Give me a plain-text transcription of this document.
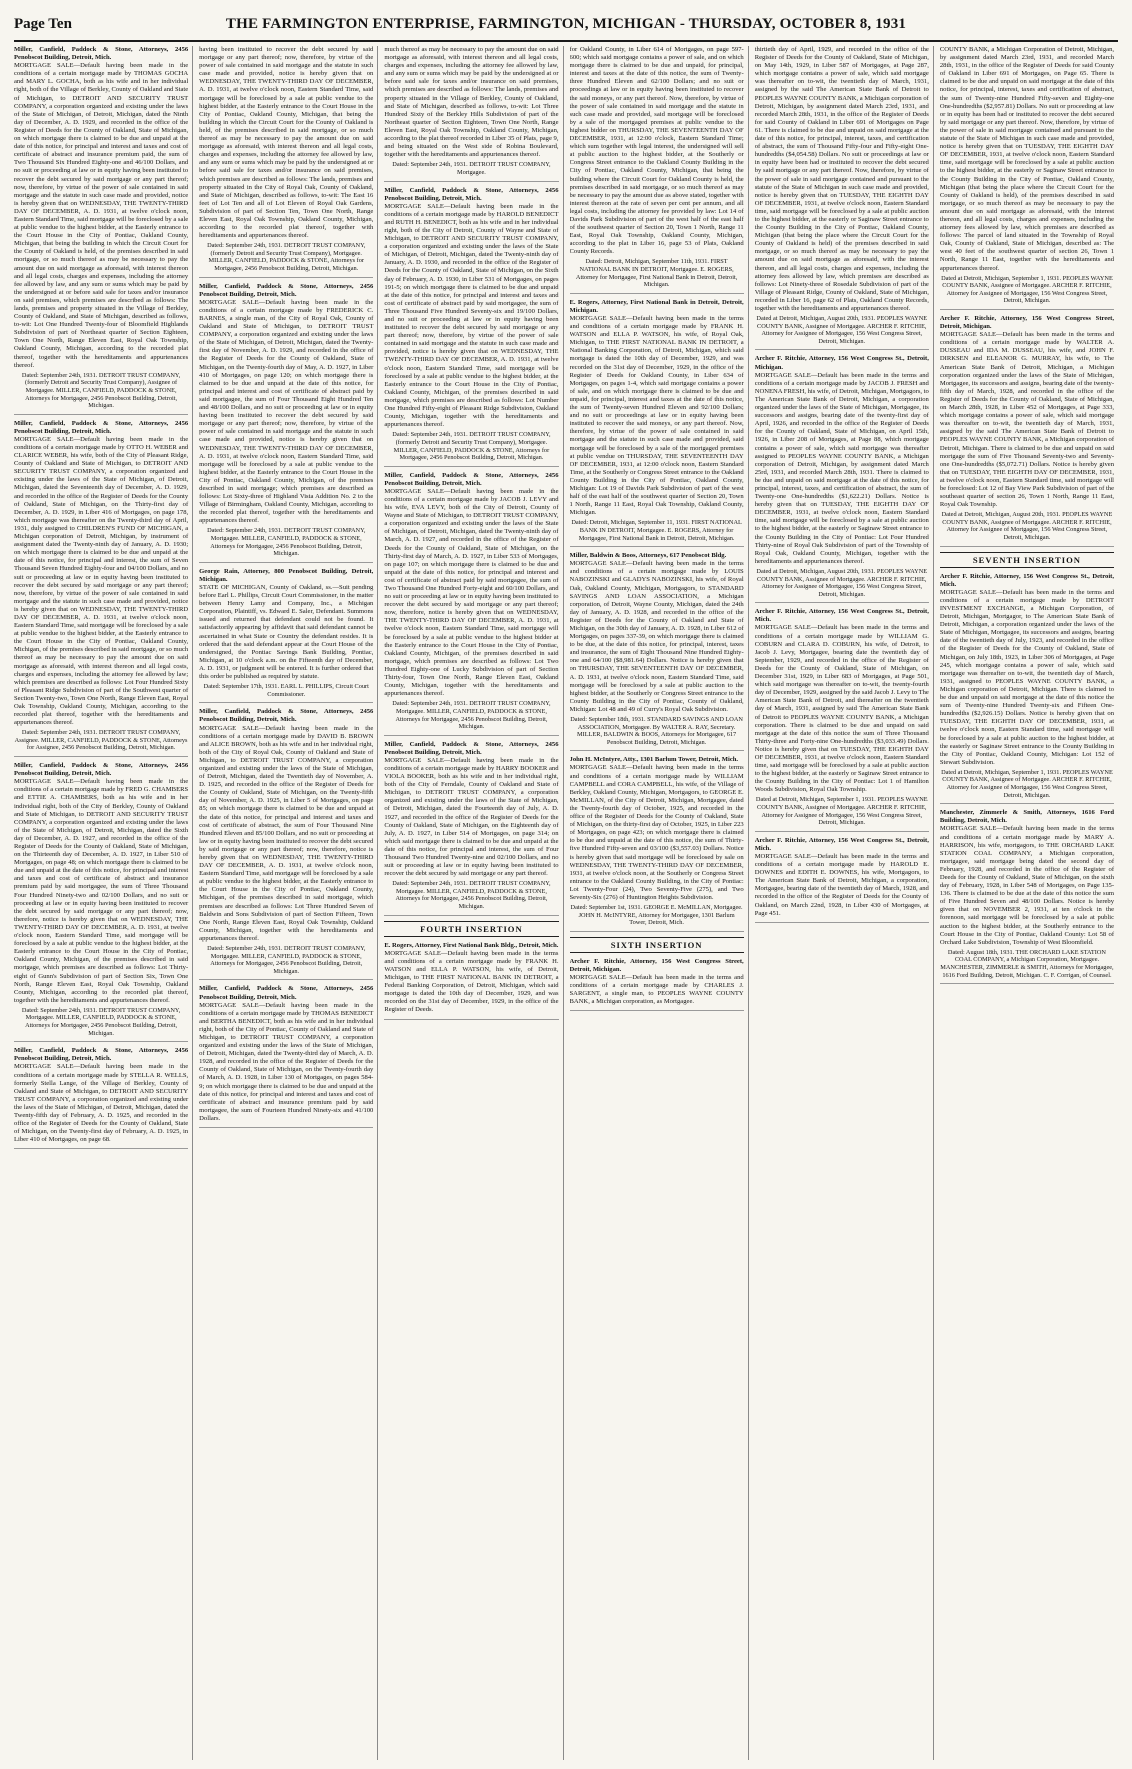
Page Ten	THE FARMINGTON ENTERPRISE, FARMINGTON, MICHIGAN - THURSDAY, OCTOBER 8, 1931
Miller, Canfield, Paddock & Stone, Attorneys, 2456 Penobscot Building, Detroit, Mich.
MORTGAGE SALE—Default having been made in the conditions of a certain mortgage made by THOMAS GOCHA and MARY L. GOCHA, both as his wife and in her individual right, both of the Village of Berkley, County of Oakland and State of Michigan, to DETROIT AND SECURITY TRUST COMPANY, a corporation organized and existing under the laws of the State of Michigan, of Detroit, Michigan, dated the Ninth day of December, A. D. 1929, and recorded in the office of the Register of Deeds for the County of Oakland, State of Michigan, on which mortgage there is claimed to be due and unpaid at the date of this notice, for principal and interest and taxes and cost of certificate of abstract and insurance premium paid, the sum of Two Thousand Six Hundred Eighty-one and 46/100 Dollars, and no suit or proceeding at law or in equity having been instituted to recover the debt secured by said mortgage or any part thereof; now, therefore, by virtue of the power of sale contained in said mortgage and the statute in such case made and provided, notice is hereby given that on WEDNESDAY, THE TWENTY-THIRD DAY OF DECEMBER, A. D. 1931, at twelve o'clock noon, Eastern Standard Time, said mortgage will be foreclosed by a sale at public vendue to the highest bidder, at the Easterly entrance to the Court House in the City of Pontiac, Oakland County, Michigan, that being the building in which the Circuit Court for the County of Oakland is held, of the premises described in said mortgage, or so much thereof as may be necessary to pay the amount due on said mortgage as aforesaid, with interest thereon and all legal costs, charges and expenses, including the attorney fee allowed by law, and any sum or sums which may be paid by the undersigned at or before said sale for taxes and/or insurance on said premises, which premises are described as follows: The lands, premises and property situated in the Village of Berkley, County of Oakland, and State of Michigan, described as follows, to-wit: Lot One Hundred Twenty-four of Bloomfield Highlands Subdivision of part of Northeast quarter of Section Eighteen, Town One North, Range Eleven East, Royal Oak Township, Oakland County, Michigan, according to the recorded plat thereof, together with the hereditaments and appurtenances thereof.
Dated: September 24th, 1931. DETROIT TRUST COMPANY, (formerly Detroit and Security Trust Company), Assignee of Mortgagee. MILLER, CANFIELD, PADDOCK & STONE, Attorneys for Mortgagee, 2456 Penobscot Building, Detroit, Michigan.
Miller, Canfield, Paddock & Stone, Attorneys, 2456 Penobscot Building, Detroit, Mich.
MORTGAGE SALE—Default having been made in the conditions of a certain mortgage made by OTTO H. WEBER and CLARICE WEBER, his wife, both of the City of Pleasant Ridge, County of Oakland and State of Michigan, to DETROIT AND SECURITY TRUST COMPANY, a corporation organized and existing under the laws of the State of Michigan, of Detroit, Michigan, dated the Seventeenth day of December, A. D. 1929, and recorded in the office of the Register of Deeds for the County of Oakland, State of Michigan, on the Thirty-first day of December, A. D. 1929, in Liber 416 of Mortgages, on page 178, which mortgage was thereafter on the Twenty-third day of April, 1931, duly assigned to CHILDREN'S FUND OF MICHIGAN, a Michigan corporation of Detroit, Michigan, by instrument of assignment dated the Twenty-ninth day of January, A. D. 1930; on which mortgage there is claimed to be due and unpaid at the date of this notice, for principal and interest, the sum of Seven Thousand Seven Hundred Eighty-four and 04/100 Dollars, and no suit or proceeding at law or in equity having been instituted to recover the debt secured by said mortgage or any part thereof; now, therefore, by virtue of the power of sale contained in said mortgage and the statute in such case made and provided, notice is hereby given that on WEDNESDAY, THE TWENTY-THIRD DAY OF DECEMBER, A. D. 1931, at twelve o'clock noon, Eastern Standard Time, said mortgage will be foreclosed by a sale at public vendue to the highest bidder, at the Easterly entrance to the Court House in the City of Pontiac, Oakland County, Michigan, of the premises described in said mortgage, or so much thereof as may be necessary to pay the amount due on said mortgage as aforesaid, with interest thereon and all legal costs, charges and expenses, including the attorney fee allowed by law; which premises are described as follows: Lot Four Hundred Sixty of Pleasant Ridge Subdivision of part of the Southwest quarter of Section Twenty-two, Town One North, Range Eleven East, Royal Oak Township, Oakland County, Michigan, according to the recorded plat thereof, together with the hereditaments and appurtenances thereof.
Dated: September 24th, 1931. DETROIT TRUST COMPANY, Assignee. MILLER, CANFIELD, PADDOCK & STONE, Attorneys for Assignee, 2456 Penobscot Building, Detroit, Michigan.
Miller, Canfield, Paddock & Stone, Attorneys, 2456 Penobscot Building, Detroit, Mich.
MORTGAGE SALE—Default having been made in the conditions of a certain mortgage made by FRED G. CHAMBERS and ETTIE A. CHAMBERS, both as his wife and in her individual right, both of the City of Berkley, County of Oakland and State of Michigan, to DETROIT AND SECURITY TRUST COMPANY, a corporation organized and existing under the laws of the State of Michigan, of Detroit, Michigan, dated the Sixth day of December, A. D. 1927, and recorded in the office of the Register of Deeds for the County of Oakland, State of Michigan, on the Thirteenth day of December, A. D. 1927, in Liber 510 of Mortgages, on page 48; on which mortgage there is claimed to be due and unpaid at the date of this notice, for principal and interest and taxes and cost of certificate of abstract and insurance premium paid by said mortgagee, the sum of Three Thousand Four Hundred Ninety-two and 02/100 Dollars, and no suit or proceeding at law or in equity having been instituted to recover the debt secured by said mortgage or any part thereof; now, therefore, notice is hereby given that on WEDNESDAY, THE TWENTY-THIRD DAY OF DECEMBER, A. D. 1931, at twelve o'clock noon, Eastern Standard Time, said mortgage will be foreclosed by a sale at public vendue to the highest bidder, at the Easterly entrance to the Court House in the City of Pontiac, Oakland County, Michigan, of the premises described in said mortgage, which premises are described as follows: Lot Thirty-eight of Gunn's Subdivision of part of Section Six, Town One North, Range Eleven East, Royal Oak Township, Oakland County, Michigan, according to the recorded plat thereof, together with the hereditaments and appurtenances thereof.
Dated: September 24th, 1931. DETROIT TRUST COMPANY, Mortgagee. MILLER, CANFIELD, PADDOCK & STONE, Attorneys for Mortgagee, 2456 Penobscot Building, Detroit, Michigan.
Miller, Canfield, Paddock & Stone, Attorneys, 2456 Penobscot Building, Detroit, Mich.
MORTGAGE SALE—Default having been made in the conditions of a certain mortgage made by STELLA R. WELLS, formerly Stella Lange, of the Village of Berkley, County of Oakland and State of Michigan, to DETROIT AND SECURITY TRUST COMPANY, a corporation organized and existing under the laws of the State of Michigan, of Detroit, Michigan, dated the Twenty-fifth day of February, A. D. 1925, and recorded in the office of the Register of Deeds for the County of Oakland, State of Michigan, on the Twenty-first day of February, A. D. 1925, in Liber 410 of Mortgages, on page 68.
having been instituted to recover the debt secured by said mortgage or any part thereof; now, therefore, by virtue of the power of sale contained in said mortgage and the statute in such case made and provided, notice is hereby given that on WEDNESDAY, THE TWENTY-THIRD DAY OF DECEMBER, A. D. 1931, at twelve o'clock noon, Eastern Standard Time, said mortgage will be foreclosed by a sale at public vendue to the highest bidder, at the Easterly entrance to the Court House in the City of Pontiac, Oakland County, Michigan, that being the building in which the Circuit Court for the County of Oakland is held, of the premises described in said mortgage, or so much thereof as may be necessary to pay the amount due on said mortgage as aforesaid, with interest thereon and all legal costs, charges and expenses, including the attorney fee allowed by law, and any sum or sums which may be paid by the undersigned at or before said sale for taxes and/or insurance on said premises, which premises are described as follows: The lands, premises and property situated in the City of Royal Oak, County of Oakland, and State of Michigan, described as follows, to-wit: The East 16 feet of Lot Ten and all of Lot Eleven of Royal Oak Gardens, Subdivision of part of Section Ten, Town One North, Range Eleven East, Royal Oak Township, Oakland County, Michigan, according to the recorded plat thereof, together with hereditaments and appurtenances thereof.
Dated: September 24th, 1931. DETROIT TRUST COMPANY, (formerly Detroit and Security Trust Company), Mortgagee. MILLER, CANFIELD, PADDOCK & STONE, Attorneys for Mortgagee, 2456 Penobscot Building, Detroit, Michigan.
Miller, Canfield, Paddock & Stone, Attorneys, 2456 Penobscot Building, Detroit, Mich.
MORTGAGE SALE—Default having been made in the conditions of a certain mortgage made by FREDERICK C. BARNES, a single man, of the City of Royal Oak, County of Oakland and State of Michigan, to DETROIT TRUST COMPANY, a corporation organized and existing under the laws of the State of Michigan, of Detroit, Michigan, dated the Twenty-first day of November, A. D. 1929, and recorded in the office of the Register of Deeds for the County of Oakland, State of Michigan, on the Twenty-fourth day of May, A. D. 1927, in Liber 410 of Mortgages, on page 120; on which mortgage there is claimed to be due and unpaid at the date of this notice, for principal and interest and cost of certificate of abstract paid by said mortgagee, the sum of Four Thousand Eight Hundred Ten and 48/100 Dollars, and no suit or proceeding at law or in equity having been instituted to recover the debt secured by said mortgage or any part thereof; now, therefore, by virtue of the power of sale contained in said mortgage and the statute in such case made and provided, notice is hereby given that on WEDNESDAY, THE TWENTY-THIRD DAY OF DECEMBER, A. D. 1931, at twelve o'clock noon, Eastern Standard Time, said mortgage will be foreclosed by a sale at public vendue to the highest bidder, at the Easterly entrance to the Court House in the City of Pontiac, Oakland County, Michigan, of the premises described in said mortgage; which premises are described as follows: Lot Sixty-three of Highland Vista Addition No. 2 to the Village of Birmingham, Oakland County, Michigan, according to the recorded plat thereof, together with the hereditaments and appurtenances thereof.
Dated: September 24th, 1931. DETROIT TRUST COMPANY, Mortgagee. MILLER, CANFIELD, PADDOCK & STONE, Attorneys for Mortgagee, 2456 Penobscot Building, Detroit, Michigan.
George Rain, Attorney, 800 Penobscot Building, Detroit, Michigan.
STATE OF MICHIGAN, County of Oakland, ss.—Suit pending before Earl L. Phillips, Circuit Court Commissioner, in the matter between Henry Lamy and Company, Inc., a Michigan Corporation, Plaintiff, vs. Edward E. Saler, Defendant. Summons issued and returned that defendant could not be found. It satisfactorily appearing by affidavit that said defendant cannot be ascertained in what State or Country the defendant resides. It is ordered that the said defendant appear at the Court House of the undersigned, the Pontiac Savings Bank Building, Pontiac, Michigan, at 10 o'clock a.m. on the Fifteenth day of December, A. D. 1931, or judgment will be entered. It is further ordered that this order be published as required by statute.
Dated: September 17th, 1931. EARL L. PHILLIPS, Circuit Court Commissioner.
Miller, Canfield, Paddock & Stone, Attorneys, 2456 Penobscot Building, Detroit, Mich.
MORTGAGE SALE—Default having been made in the conditions of a certain mortgage made by DAVID B. BROWN and ALICE BROWN, both as his wife and in her individual right, both of the City of Royal Oak, County of Oakland and State of Michigan, to DETROIT TRUST COMPANY, a corporation organized and existing under the laws of the State of Michigan, of Detroit, Michigan, dated the Twentieth day of November, A. D. 1925, and recorded in the office of the Register of Deeds for the County of Oakland, State of Michigan, on the Twenty-fifth day of November, A. D. 1925, in Liber 5 of Mortgages, on page 85; on which mortgage there is claimed to be due and unpaid at the date of this notice, for principal and interest and taxes and cost of certificate of abstract, the sum of Four Thousand Nine Hundred Eleven and 85/100 Dollars, and no suit or proceeding at law or in equity having been instituted to recover the debt secured by said mortgage or any part thereof; now, therefore, notice is hereby given that on WEDNESDAY, THE TWENTY-THIRD DAY OF DECEMBER, A. D. 1931, at twelve o'clock noon, Eastern Standard Time, said mortgage will be foreclosed by a sale at public vendue to the highest bidder, at the Easterly entrance to the Court House in the City of Pontiac, Oakland County, Michigan, of the premises described in said mortgage, which premises are described as follows: Lot Three Hundred Seven of Baldwin and Sons Subdivision of part of Section Fifteen, Town One North, Range Eleven East, Royal Oak Township, Oakland County, Michigan, together with the hereditaments and appurtenances thereof.
Dated: September 24th, 1931. DETROIT TRUST COMPANY, Mortgagee. MILLER, CANFIELD, PADDOCK & STONE, Attorneys for Mortgagee, 2456 Penobscot Building, Detroit, Michigan.
Miller, Canfield, Paddock & Stone, Attorneys, 2456 Penobscot Building, Detroit, Mich.
MORTGAGE SALE—Default having been made in the conditions of a certain mortgage made by THOMAS BENEDICT and BERTHA BENEDICT, both as his wife and in her individual right, both of the City of Pontiac, County of Oakland and State of Michigan, to DETROIT TRUST COMPANY, a corporation organized and existing under the laws of the State of Michigan, of Detroit, Michigan, dated the Twenty-third day of March, A. D. 1928, and recorded in the office of the Register of Deeds for the County of Oakland, State of Michigan, on the Twenty-fourth day of March, A. D. 1928, in Liber 130 of Mortgages, on pages 584-9; on which mortgage there is claimed to be due and unpaid at the date of this notice, for principal and interest and taxes and cost of certificate of abstract and insurance premium paid by said mortgagee, the sum of Fourteen Hundred Ninety-six and 41/100 Dollars.
much thereof as may be necessary to pay the amount due on said mortgage as aforesaid, with interest thereon and all legal costs, charges and expenses, including the attorney fee allowed by law, and any sum or sums which may be paid by the undersigned at or before said sale for taxes and/or insurance on said premises, which premises are described as follows: The lands, premises and property situated in the Village of Berkley, County of Oakland, and State of Michigan, described as follows, to-wit: Lot Three Hundred Sixty of the Berkley Hills Subdivision of part of the Northeast quarter of Section Eighteen, Town One North, Range Eleven East, Royal Oak Township, Oakland County, Michigan, according to the plat thereof recorded in Liber 35 of Plats, page 9, and being situated on the West side of Robina Boulevard, together with the hereditaments and appurtenances thereof.
Dated: September 24th, 1931. DETROIT TRUST COMPANY, Mortgagee.
Miller, Canfield, Paddock & Stone, Attorneys, 2456 Penobscot Building, Detroit, Mich.
MORTGAGE SALE—Default having been made in the conditions of a certain mortgage made by HAROLD BENEDICT and RUTH H. BENEDICT, both as his wife and in her individual right, both of the City of Detroit, County of Wayne and State of Michigan, to DETROIT AND SECURITY TRUST COMPANY, a corporation organized and existing under the laws of the State of Michigan, of Detroit, Michigan, dated the Twenty-ninth day of January, A. D. 1930, and recorded in the office of the Register of Deeds for the County of Oakland, State of Michigan, on the Sixth day of February, A. D. 1930, in Liber 531 of Mortgages, on pages 191-5; on which mortgage there is claimed to be due and unpaid at the date of this notice, for principal and interest and taxes and cost of certificate of abstract paid by said mortgagee, the sum of Three Thousand Five Hundred Seventy-six and 19/100 Dollars, and no suit or proceeding at law or in equity having been instituted to recover the debt secured by said mortgage or any part thereof; now, therefore, by virtue of the power of sale contained in said mortgage and the statute in such case made and provided, notice is hereby given that on WEDNESDAY, THE TWENTY-THIRD DAY OF DECEMBER, A. D. 1931, at twelve o'clock noon, Eastern Standard Time, said mortgage will be foreclosed by a sale at public vendue to the highest bidder, at the Easterly entrance to the Court House in the City of Pontiac, Oakland County, Michigan, of the premises described in said mortgage, which premises are described as follows: Lot Number One Hundred Fifty-eight of Pleasant Ridge Subdivision, Oakland County, Michigan, together with the hereditaments and appurtenances thereof.
Dated: September 24th, 1931. DETROIT TRUST COMPANY, (formerly Detroit and Security Trust Company), Mortgagee. MILLER, CANFIELD, PADDOCK & STONE, Attorneys for Mortgagee, 2456 Penobscot Building, Detroit, Michigan.
Miller, Canfield, Paddock & Stone, Attorneys, 2456 Penobscot Building, Detroit, Mich.
MORTGAGE SALE—Default having been made in the conditions of a certain mortgage made by JACOB J. LEVY and his wife, EVA LEVY, both of the City of Detroit, County of Wayne and State of Michigan, to DETROIT TRUST COMPANY, a corporation organized and existing under the laws of the State of Michigan, of Detroit, Michigan, dated the Twenty-ninth day of March, A. D. 1927, and recorded in the office of the Register of Deeds for the County of Oakland, State of Michigan, on the Thirty-first day of March, A. D. 1927, in Liber 533 of Mortgages, on page 107; on which mortgage there is claimed to be due and unpaid at the date of this notice, for principal and interest and cost of certificate of abstract paid by said mortgagee, the sum of Two Thousand One Hundred Forty-eight and 60/100 Dollars, and no suit or proceeding at law or in equity having been instituted to recover the debt secured by said mortgage or any part thereof; now, therefore, notice is hereby given that on WEDNESDAY, THE TWENTY-THIRD DAY OF DECEMBER, A. D. 1931, at twelve o'clock noon, Eastern Standard Time, said mortgage will be foreclosed by a sale at public vendue to the highest bidder at the Easterly entrance to the Court House in the City of Pontiac, Oakland County, Michigan, of the premises described in said mortgage, which premises are described as follows: Lot Two Hundred Eighty-one of Lucky Subdivision of part of Section Thirty-four, Town One North, Range Eleven East, Oakland County, Michigan, together with the hereditaments and appurtenances thereof.
Dated: September 24th, 1931. DETROIT TRUST COMPANY, Mortgagee. MILLER, CANFIELD, PADDOCK & STONE, Attorneys for Mortgagee, 2456 Penobscot Building, Detroit, Michigan.
Miller, Canfield, Paddock & Stone, Attorneys, 2456 Penobscot Building, Detroit, Mich.
MORTGAGE SALE—Default having been made in the conditions of a certain mortgage made by HARRY BOOKER and VIOLA BOOKER, both as his wife and in her individual right, both of the City of Ferndale, County of Oakland and State of Michigan, to DETROIT TRUST COMPANY, a corporation organized and existing under the laws of the State of Michigan, of Detroit, Michigan, dated the Fourteenth day of July, A. D. 1927, and recorded in the office of the Register of Deeds for the County of Oakland, State of Michigan, on the Eighteenth day of July, A. D. 1927, in Liber 514 of Mortgages, on page 314; on which said mortgage there is claimed to be due and unpaid at the date of this notice, for principal and interest, the sum of Four Thousand Two Hundred Twenty-nine and 02/100 Dollars, and no suit or proceeding at law or in equity having been instituted to recover the debt secured by said mortgage or any part thereof.
Dated: September 24th, 1931. DETROIT TRUST COMPANY, Mortgagee. MILLER, CANFIELD, PADDOCK & STONE, Attorneys for Mortgagee, 2456 Penobscot Building, Detroit, Michigan.
FOURTH INSERTION
E. Rogers, Attorney, First National Bank Bldg., Detroit, Mich.
MORTGAGE SALE—Default having been made in the terms and conditions of a certain mortgage made by FRANK H. WATSON and ELLA P. WATSON, his wife, of Detroit, Michigan, to THE FIRST NATIONAL BANK IN DETROIT, a Federal Banking Corporation, of Detroit, Michigan, which said mortgage is dated the 10th day of December, 1929, and was recorded on the 31st day of December, 1929, in the office of the Register of Deeds.
for Oakland County, in Liber 614 of Mortgages, on page 597-600; which said mortgage contains a power of sale, and on which mortgage there is claimed to be due and unpaid, for principal, interest and taxes at the date of this notice, the sum of Twenty-three Hundred Eleven and 62/100 Dollars; and no suit or proceedings at law or in equity having been instituted to recover the said moneys, or any part thereof. Now, therefore, by virtue of the power of sale contained in said mortgage and the statute in such case made and provided, said mortgage will be foreclosed by a sale of the mortgaged premises at public vendue to the highest bidder on THURSDAY, THE SEVENTEENTH DAY OF DECEMBER, 1931, at 12:00 o'clock, Eastern Standard Time; which sum together with legal interest, the undersigned will sell at public auction to the highest bidder, at the Southerly or Congress Street entrance to the Oakland County Building in the City of Pontiac, Oakland County, Michigan, that being the building where the Circuit Court for Oakland County is held, the premises described in said mortgage, or so much thereof as may be necessary to pay the amount due as above stated, together with interest thereon at the rate of seven per cent per annum, and all legal costs, including the attorney fee provided by law: Lot 14 of Davids Park Subdivision of part of the west half of the east half of the southwest quarter of Section 20, Town 1 North, Range 11 East, Royal Oak Township, Oakland County, Michigan, according to the plat in Liber 16, page 53 of Plats, Oakland County Records.
Dated: Detroit, Michigan, September 11th, 1931. FIRST NATIONAL BANK IN DETROIT, Mortgagee. E. ROGERS, Attorney for Mortgagee, First National Bank in Detroit, Detroit, Michigan.
E. Rogers, Attorney, First National Bank in Detroit, Detroit, Michigan.
MORTGAGE SALE—Default having been made in the terms and conditions of a certain mortgage made by FRANK H. WATSON and ELLA P. WATSON, his wife, of Royal Oak, Michigan, to THE FIRST NATIONAL BANK IN DETROIT, a National Banking Corporation, of Detroit, Michigan, which said mortgage is dated the 10th day of December, 1929, and was recorded on the 31st day of December, 1929, in the office of the Register of Deeds for Oakland County, in Liber 634 of Mortgages, on pages 1-4, which said mortgage contains a power of sale, and on which mortgage there is claimed to be due and unpaid, for principal, interest and taxes at the date of this notice, the sum of Twenty-seven Hundred Eleven and 92/100 Dollars; and no suit or proceedings at law or in equity having been instituted to recover the said moneys, or any part thereof. Now, therefore, by virtue of the power of sale contained in said mortgage and the statute in such case made and provided, said mortgage will be foreclosed by a sale of the mortgaged premises at public vendue on THURSDAY, THE SEVENTEENTH DAY OF DECEMBER, 1931, at 12:00 o'clock noon, Eastern Standard Time, at the Southerly or Congress Street entrance to the Oakland County Building in the City of Pontiac, Oakland County, Michigan: Lot 19 of Davids Park Subdivision of part of the west half of the east half of the southwest quarter of Section 20, Town 1 North, Range 11 East, Royal Oak Township, Oakland County, Michigan.
Dated: Detroit, Michigan, September 11, 1931. FIRST NATIONAL BANK IN DETROIT, Mortgagee. E. ROGERS, Attorney for Mortgagee, First National Bank in Detroit, Detroit, Michigan.
Miller, Baldwin & Boos, Attorneys, 617 Penobscot Bldg.
MORTGAGE SALE—Default having been made in the terms and conditions of a certain mortgage made by LOUIS NABOZINSKI and GLADYS NABOZINSKI, his wife, of Royal Oak, Oakland County, Michigan, Mortgagors, to STANDARD SAVINGS AND LOAN ASSOCIATION, a Michigan corporation, of Detroit, Wayne County, Michigan, dated the 24th day of January, A. D. 1928, and recorded in the office of the Register of Deeds for the County of Oakland and State of Michigan, on the 30th day of January, A. D. 1928, in Liber 612 of Mortgages, on pages 337-39, on which mortgage there is claimed to be due, at the date of this notice, for principal, interest, taxes and insurance, the sum of Eight Thousand Nine Hundred Eighty-one and 64/100 ($8,981.64) Dollars. Notice is hereby given that on THURSDAY, THE SEVENTEENTH DAY OF DECEMBER, A. D. 1931, at twelve o'clock noon, Eastern Standard Time, said mortgage will be foreclosed by a sale at public auction to the highest bidder, at the Southerly or Congress Street entrance to the County Building in the City of Pontiac, County of Oakland, Michigan: Lot 48 and 49 of Curry's Royal Oak Subdivision.
Dated: September 18th, 1931. STANDARD SAVINGS AND LOAN ASSOCIATION, Mortgagee. By WALTER A. RAY, Secretary. MILLER, BALDWIN & BOOS, Attorneys for Mortgagee, 617 Penobscot Building, Detroit, Michigan.
John H. McIntyre, Atty., 1301 Barlum Tower, Detroit, Mich.
MORTGAGE SALE—Default having been made in the terms and conditions of a certain mortgage made by WILLIAM CAMPBELL and CORA CAMPBELL, his wife, of the Village of Berkley, Oakland County, Michigan, Mortgagors, to GEORGE E. McMILLAN, of the City of Detroit, Michigan, Mortgagee, dated the Twenty-fourth day of October, 1925, and recorded in the office of the Register of Deeds for the County of Oakland, State of Michigan, on the thirty-first day of October, 1925, in Liber 223 of Mortgages, on page 423; on which mortgage there is claimed to be due and unpaid at the date of this notice, the sum of Thirty-five Hundred Fifty-seven and 03/100 ($3,557.03) Dollars. Notice is hereby given that said mortgage will be foreclosed by sale on WEDNESDAY, THE TWENTY-THIRD DAY OF DECEMBER, 1931, at twelve o'clock noon, at the Southerly or Congress Street entrance to the Oakland County Building, in the City of Pontiac: Lot Twenty-Four (24), Two Seventy-Five (275), and Two Seventy-Six (276) of Huntington Heights Subdivision.
Dated: September 1st, 1931. GEORGE E. McMILLAN, Mortgagee. JOHN H. McINTYRE, Attorney for Mortgagee, 1301 Barlum Tower, Detroit, Mich.
SIXTH INSERTION
Archer F. Ritchie, Attorney, 156 West Congress Street, Detroit, Michigan.
MORTGAGE SALE—Default has been made in the terms and conditions of a certain mortgage made by CHARLES J. SARGENT, a single man, to PEOPLES WAYNE COUNTY BANK, a Michigan corporation, as Mortgagee.
thirtieth day of April, 1929, and recorded in the office of the Register of Deeds for the County of Oakland, State of Michigan, on May 14th, 1929, in Liber 587 of Mortgages, at Page 287, which mortgage contains a power of sale, which said mortgage was thereafter on to-wit, the twentieth day of March, 1931, assigned by the said The American State Bank of Detroit to PEOPLES WAYNE COUNTY BANK, a Michigan corporation of Detroit, Michigan, by assignment dated March 23rd, 1931, and recorded March 28th, 1931, in the office of the Register of Deeds for said County of Oakland in Liber 691 of Mortgages on Page 61. There is claimed to be due and unpaid on said mortgage at the date of this notice, for principal, interest, taxes, and certification of abstract, the sum of Thousand Fifty-four and Fifty-eight One-hundredths ($4,054.58) Dollars. No suit or proceedings at law or in equity have been had or instituted to recover the debt secured by said mortgage or any part thereof. Now, therefore, by virtue of the power of sale in said mortgage contained and pursuant to the statute of the State of Michigan in such case made and provided, notice is hereby given that on TUESDAY, THE EIGHTH DAY OF DECEMBER, 1931, at twelve o'clock noon, Eastern Standard time, said mortgage will be foreclosed by a sale at public auction to the highest bidder, at the easterly or Saginaw Street entrance to the County Building in the City of Pontiac, Oakland County, Michigan (that being the place where the Circuit Court for the County of Oakland is held) of the premises described in said mortgage, or so much thereof as may be necessary to pay the amount due on said mortgage as aforesaid, with the interest thereon, and all legal costs, charges and expenses, including the attorney fees allowed by law, which premises are described as follows: Lot Ninety-three of Rosedale Subdivision of part of the Village of Pleasant Ridge, County of Oakland, State of Michigan, recorded in Liber 16, page 62 of Plats, Oakland County Records, together with the hereditaments and appurtenances thereof.
Dated at Detroit, Michigan, August 20th, 1931. PEOPLES WAYNE COUNTY BANK, Assignee of Mortgagee. ARCHER F. RITCHIE, Attorney for Assignee of Mortgagee, 156 West Congress Street, Detroit, Michigan.
Archer F. Ritchie, Attorney, 156 West Congress St., Detroit, Michigan.
MORTGAGE SALE—Default has been made in the terms and conditions of a certain mortgage made by JACOB J. FRESH and NONENA FRESH, his wife, of Detroit, Michigan, Mortgagors, to The American State Bank of Detroit, Michigan, a corporation organized under the laws of the State of Michigan, Mortgagee, its successors and assigns, bearing date of the twenty-first day of April, 1926, and recorded in the office of the Register of Deeds for the County of Oakland, State of Michigan, on April 15th, 1926, in Liber 208 of Mortgages, at Page 88, which mortgage contains a power of sale, which said mortgage was thereafter assigned to PEOPLES WAYNE COUNTY BANK, a Michigan corporation of Detroit, Michigan, by assignment dated March 25rd, 1931, and recorded March 28th, 1931. There is claimed to be due and unpaid on said mortgage at the date of this notice, for principal, interest, taxes, and certification of abstract, the sum of Twenty-one One-hundredths ($1,622.21) Dollars. Notice is hereby given that on TUESDAY, THE EIGHTH DAY OF DECEMBER, 1931, at twelve o'clock noon, Eastern Standard time, said mortgage will be foreclosed by a sale at public auction to the highest bidder, at the easterly or Saginaw Street entrance to the County Building in the City of Pontiac: Lot Four Hundred Thirty-nine of Royal Oak Subdivision of part of the Township of Royal Oak, Oakland County, Michigan, together with the hereditaments and appurtenances thereof.
Dated at Detroit, Michigan, August 20th, 1931. PEOPLES WAYNE COUNTY BANK, Assignee of Mortgagee. ARCHER F. RITCHIE, Attorney for Assignee of Mortgagee, 156 West Congress Street, Detroit, Michigan.
Archer F. Ritchie, Attorney, 156 West Congress St., Detroit, Mich.
MORTGAGE SALE—Default has been made in the terms and conditions of a certain mortgage made by WILLIAM G. COBURN and CLARA D. COBURN, his wife, of Detroit, to Jacob J. Levy, Mortgagee, bearing date the twentieth day of September, 1929, and recorded in the office of the Register of Deeds for the County of Oakland, State of Michigan, on December 31st, 1929, in Liber 683 of Mortgages, at Page 501, which said mortgage was thereafter on to-wit, the twenty-fourth day of December, 1929, assigned by the said Jacob J. Levy to The American State Bank of Detroit, and thereafter on the twentieth day of March, 1931, assigned by said The American State Bank of Detroit to PEOPLES WAYNE COUNTY BANK, a Michigan corporation. There is claimed to be due and unpaid on said mortgage at the date of this notice the sum of Three Thousand Thirty-three and Forty-nine One-hundredths ($3,033.49) Dollars. Notice is hereby given that on TUESDAY, THE EIGHTH DAY OF DECEMBER, 1931, at twelve o'clock noon, Eastern Standard time, said mortgage will be foreclosed by a sale at public auction to the highest bidder, at the easterly or Saginaw Street entrance to the County Building in the City of Pontiac: Lot 1 of Hamilton Woods Subdivision, Royal Oak Township.
Dated at Detroit, Michigan, September 1, 1931. PEOPLES WAYNE COUNTY BANK, Assignee of Mortgagee. ARCHER F. RITCHIE, Attorney for Assignee of Mortgagee, 156 West Congress Street, Detroit, Michigan.
Archer F. Ritchie, Attorney, 156 West Congress St., Detroit, Mich.
MORTGAGE SALE—Default has been made in the terms and conditions of a certain mortgage made by HAROLD E. DOWNES and EDITH E. DOWNES, his wife, Mortgagors, to The American State Bank of Detroit, Michigan, a corporation, Mortgagee, bearing date of the twentieth day of March, 1928, and recorded in the office of the Register of Deeds for the County of Oakland, on March 22nd, 1928, in Liber 430 of Mortgages, at Page 451.
COUNTY BANK, a Michigan Corporation of Detroit, Michigan, by assignment dated March 23rd, 1931, and recorded March 28th, 1931, in the office of the Register of Deeds for said County of Oakland in Liber 691 of Mortgages, on Page 65. There is claimed to be due and unpaid on said mortgage at the date of this notice, for principal, interest, taxes and certification of abstract, the sum of Twenty-nine Hundred Fifty-seven and Eighty-one One-hundredths ($2,957.81) Dollars. No suit or proceeding at law or in equity has been had or instituted to recover the debt secured by said mortgage or any part thereof. Now, therefore, by virtue of the power of sale in said mortgage contained and pursuant to the statute of the State of Michigan in such case made and provided, notice is hereby given that on TUESDAY, THE EIGHTH DAY OF DECEMBER, 1931, at twelve o'clock noon, Eastern Standard time, said mortgage will be foreclosed by a sale at public auction to the highest bidder, at the easterly or Saginaw Street entrance to the County Building in the City of Pontiac, Oakland County, Michigan (that being the place where the Circuit Court for the County of Oakland is held), of the premises described in said mortgage, or so much thereof as may be necessary to pay the amount due on said mortgage as aforesaid, with the interest thereon, and all legal costs, charges and expenses, including the attorney fees allowed by law, which premises are described as follows: The parcel of land situated in the Township of Royal Oak, County of Oakland, State of Michigan, described as: The west 40 feet of the southwest quarter of section 26, Town 1 North, Range 11 East, together with the hereditaments and appurtenances thereof.
Dated at Detroit, Michigan, September 1, 1931. PEOPLES WAYNE COUNTY BANK, Assignee of Mortgagee. ARCHER F. RITCHIE, Attorney for Assignee of Mortgagee, 156 West Congress Street, Detroit, Michigan.
Archer F. Ritchie, Attorney, 156 West Congress Street, Detroit, Michigan.
MORTGAGE SALE—Default has been made in the terms and conditions of a certain mortgage made by WALTER A. DUSSEAU and IDA M. DUSSEAU, his wife, and JOHN F. DIRKSEN and ELEANOR G. MURRAY, his wife, to The American State Bank of Detroit, Michigan, a Michigan corporation organized under the laws of the State of Michigan, Mortgagee, its successors and assigns, bearing date of the twenty-fifth day of March, 1928, and recorded in the office of the Register of Deeds for the County of Oakland, State of Michigan, on March 28th, 1928, in Liber 452 of Mortgages, at Page 333, which mortgage contains a power of sale, which said mortgage was thereafter on to-wit, the twentieth day of March, 1931, assigned by the said The American State Bank of Detroit to PEOPLES WAYNE COUNTY BANK, a Michigan corporation of Detroit, Michigan. There is claimed to be due and unpaid on said mortgage the sum of Five Thousand Seventy-two and Seventy-one One-hundredths ($5,072.71) Dollars. Notice is hereby given that on TUESDAY, THE EIGHTH DAY OF DECEMBER, 1931, at twelve o'clock noon, Eastern Standard time, said mortgage will be foreclosed: Lot 12 of Bay View Park Subdivision of part of the southeast quarter of section 26, Town 1 North, Range 11 East, Royal Oak Township.
Dated at Detroit, Michigan, August 20th, 1931. PEOPLES WAYNE COUNTY BANK, Assignee of Mortgagee. ARCHER F. RITCHIE, Attorney for Assignee of Mortgagee, 156 West Congress Street, Detroit, Michigan.
SEVENTH INSERTION
Archer F. Ritchie, Attorney, 156 West Congress St., Detroit, Mich.
MORTGAGE SALE—Default has been made in the terms and conditions of a certain mortgage made by DETROIT INVESTMENT EXCHANGE, a Michigan Corporation, of Detroit, Michigan, Mortgagor, to The American State Bank of Detroit, Michigan, a corporation organized under the laws of the State of Michigan, Mortgagee, its successors and assigns, bearing date of the twentieth day of July, 1923, and recorded in the office of the Register of Deeds for the County of Oakland, State of Michigan, on July 18th, 1923, in Liber 306 of Mortgages, at Page 245, which mortgage contains a power of sale, which said mortgage was thereafter on to-wit, the twentieth day of March, 1931, assigned to PEOPLES WAYNE COUNTY BANK, a Michigan corporation of Detroit, Michigan. There is claimed to be due and unpaid on said mortgage at the date of this notice the sum of Twenty-nine Hundred Twenty-six and Fifteen One-hundredths ($2,926.15) Dollars. Notice is hereby given that on TUESDAY, THE EIGHTH DAY OF DECEMBER, 1931, at twelve o'clock noon, Eastern Standard time, said mortgage will be foreclosed by a sale at public auction to the highest bidder, at the easterly or Saginaw Street entrance to the County Building in the City of Pontiac, Oakland County, Michigan: Lot 152 of Stewart Subdivision.
Dated at Detroit, Michigan, September 1, 1931. PEOPLES WAYNE COUNTY BANK, Assignee of Mortgagee. ARCHER F. RITCHIE, Attorney for Assignee of Mortgagee, 156 West Congress Street, Detroit, Michigan.
Manchester, Zimmerle & Smith, Attorneys, 1616 Ford Building, Detroit, Mich.
MORTGAGE SALE—Default having been made in the terms and conditions of a certain mortgage made by MARY A. HARRISON, his wife, mortgagors, to THE ORCHARD LAKE STATION COAL COMPANY, a Michigan corporation, mortgagee, said mortgage being dated the second day of February, 1928, and recorded in the office of the Register of Deeds for the County of Oakland, State of Michigan, on the sixth day of February, 1928, in Liber 548 of Mortgages, on Page 135-136. There is claimed to be due at the date of this notice the sum of Five Hundred Seven and 48/100 Dollars. Notice is hereby given that on NOVEMBER 2, 1931, at ten o'clock in the forenoon, said mortgage will be foreclosed by a sale at public auction to the highest bidder, at the Southerly entrance to the Court House in the City of Pontiac, Oakland County: Lot 58 of Orchard Lake Subdivision, Township of West Bloomfield.
Dated: August 18th, 1931. THE ORCHARD LAKE STATION COAL COMPANY, a Michigan Corporation, Mortgagee. MANCHESTER, ZIMMERLE & SMITH, Attorneys for Mortgagee, 1616 Ford Building, Detroit, Michigan. C. F. Corrigan, of Counsel.
